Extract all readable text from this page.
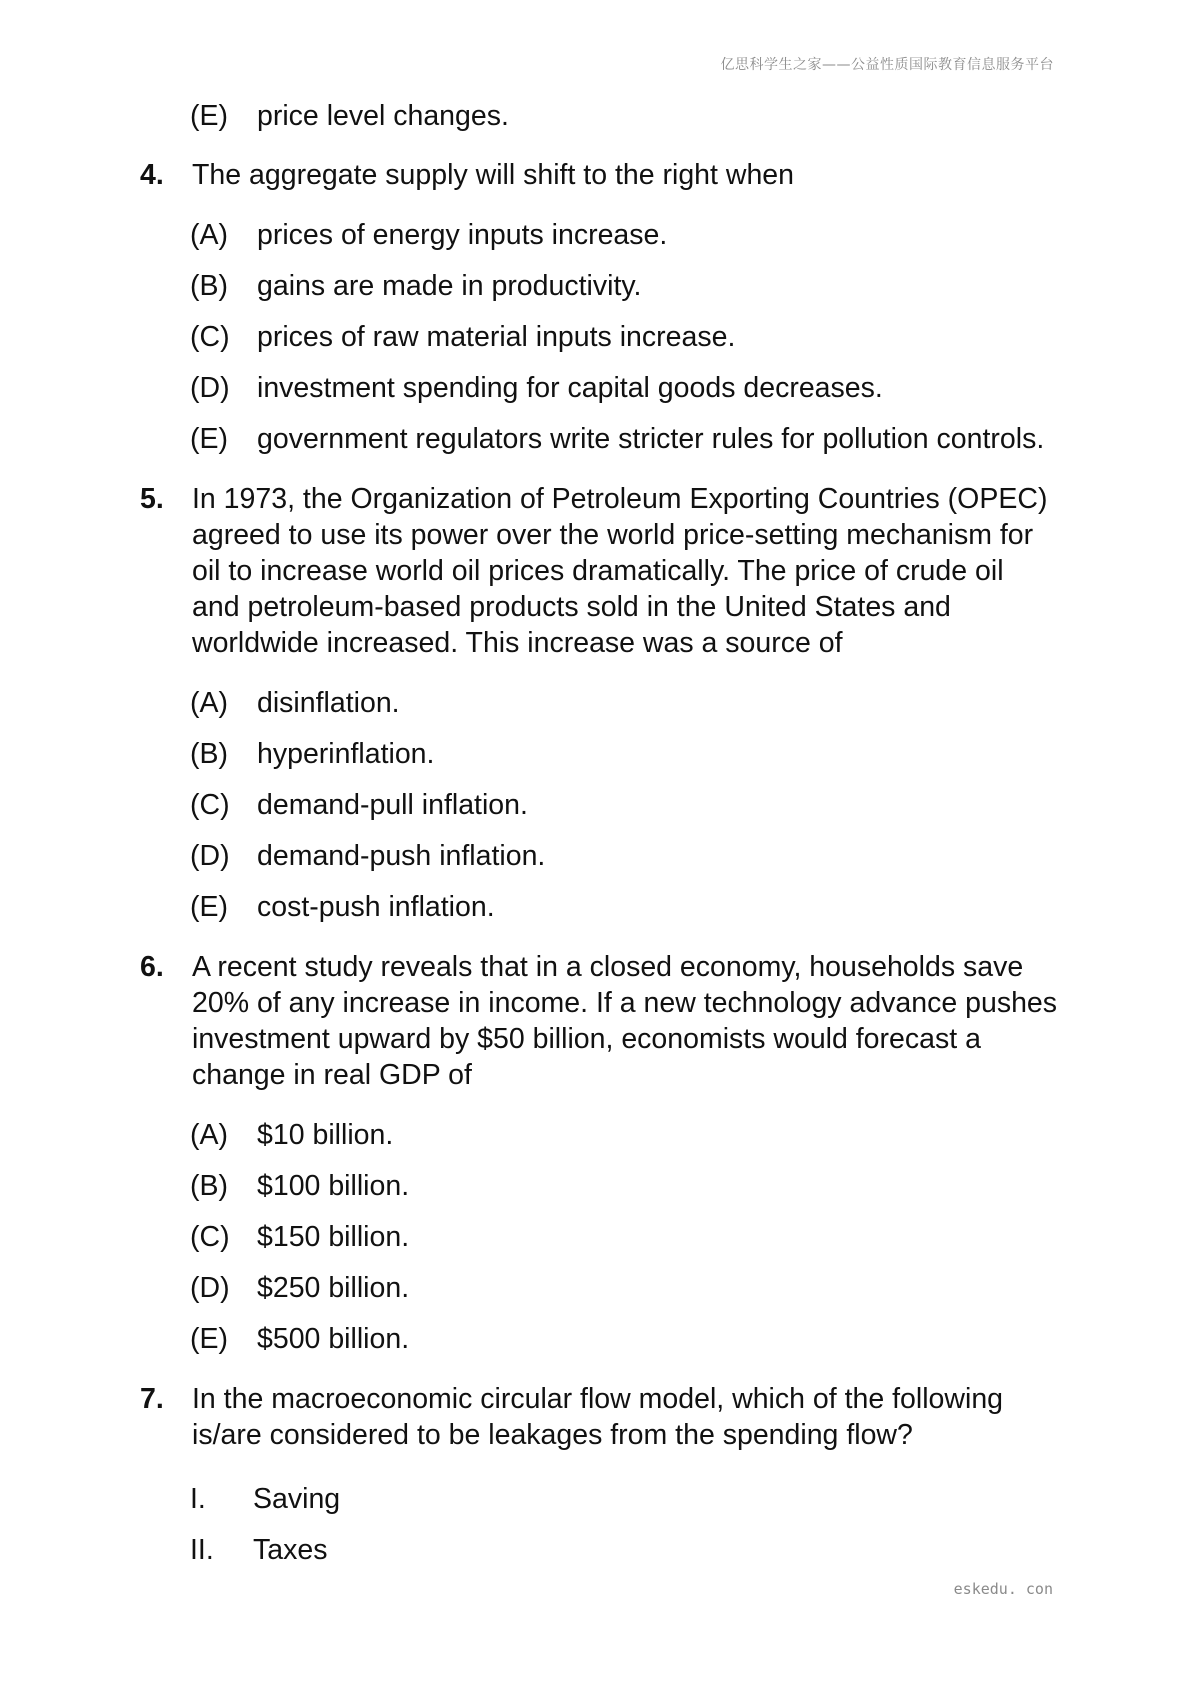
亿思科学生之家——公益性质国际教育信息服务平台
(E) price level changes.
4. The aggregate supply will shift to the right when
(A) prices of energy inputs increase.
(B) gains are made in productivity.
(C) prices of raw material inputs increase.
(D) investment spending for capital goods decreases.
(E) government regulators write stricter rules for pollution controls.
5. In 1973, the Organization of Petroleum Exporting Countries (OPEC)
agreed to use its power over the world price-setting mechanism for
oil to increase world oil prices dramatically. The price of crude oil
and petroleum-based products sold in the United States and
worldwide increased. This increase was a source of
(A) disinflation.
(B) hyperinflation.
(C) demand-pull inflation.
(D) demand-push inflation.
(E) cost-push inflation.
6. A recent study reveals that in a closed economy, households save
20% of any increase in income. If a new technology advance pushes
investment upward by $50 billion, economists would forecast a
change in real GDP of
(A) $10 billion.
(B) $100 billion.
(C) $150 billion.
(D) $250 billion.
(E) $500 billion.
7. In the macroeconomic circular flow model, which of the following
is/are considered to be leakages from the spending flow?
I. Saving
II. Taxes
eskedu. con
